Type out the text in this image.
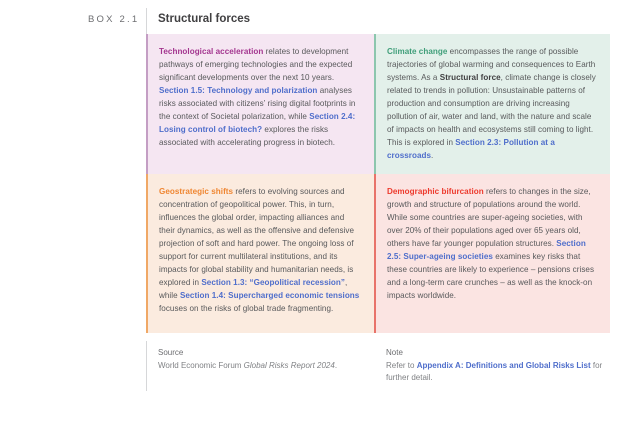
BOX 2.1 Structural forces

Technological acceleration relates to development pathways of emerging technologies and the expected significant developments over the next 10 years. Section 1.5: Technology and polarization analyses risks associated with citizens’ rising digital footprints in the context of Societal polarization, while Section 2.4: Losing control of biotech? explores the risks associated with accelerating progress in biotech.

Climate change encompasses the range of possible trajectories of global warming and consequences to Earth systems. As a Structural force, climate change is closely related to trends in pollution: Unsustainable patterns of production and consumption are driving increasing pollution of air, water and land, with the nature and scale of impacts on health and ecosystems still coming to light. This is explored in Section 2.3: Pollution at a crossroads.

Geostrategic shifts refers to evolving sources and concentration of geopolitical power. This, in turn, influences the global order, impacting alliances and their dynamics, as well as the offensive and defensive projection of soft and hard power. The ongoing loss of support for current multilateral institutions, and its impacts for global stability and humanitarian needs, is explored in Section 1.3: “Geopolitical recession”, while Section 1.4: Supercharged economic tensions focuses on the risks of global trade fragmenting.

Demographic bifurcation refers to changes in the size, growth and structure of populations around the world. While some countries are super-ageing societies, with over 20% of their populations aged over 65 years old, others have far younger population structures. Section 2.5: Super-ageing societies examines key risks that these countries are likely to experience – pensions crises and a long-term care crunches – as well as the knock-on impacts worldwide.

Source

World Economic Forum Global Risks Report 2024.

Note

Refer to Appendix A: Definitions and Global Risks List for further detail.
